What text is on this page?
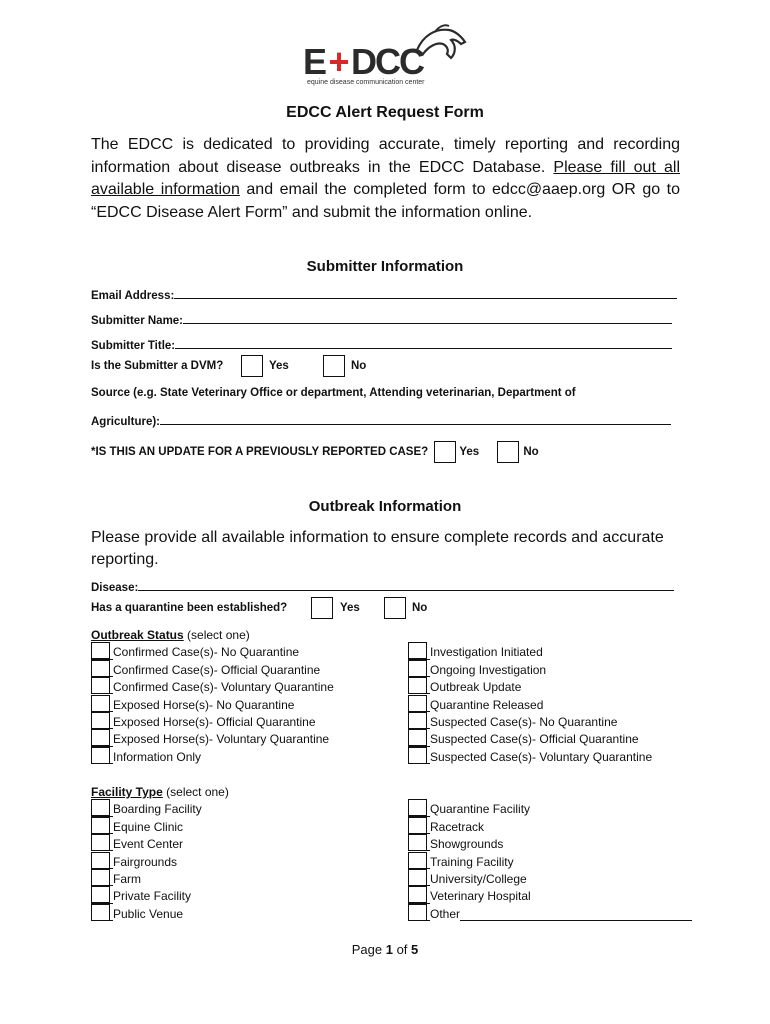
E+DCC
equine disease communication center
EDCC Alert Request Form
The EDCC is dedicated to providing accurate, timely reporting and recording information about disease outbreaks in the EDCC Database. Please fill out all available information and email the completed form to edcc@aaep.org OR go to “EDCC Disease Alert Form” and submit the information online.
Submitter Information
Email Address:
Submitter Name:
Submitter Title:
Is the Submitter a DVM?	Yes	No
Source (e.g. State Veterinary Office or department, Attending veterinarian, Department of
Agriculture):
*IS THIS AN UPDATE FOR A PREVIOUSLY REPORTED CASE?	Yes	No
Outbreak Information
Please provide all available information to ensure complete records and accurate reporting.
Disease:
Has a quarantine been established?	Yes	No
Outbreak Status (select one)
Confirmed Case(s)- No Quarantine
Confirmed Case(s)- Official Quarantine
Confirmed Case(s)- Voluntary Quarantine
Exposed Horse(s)- No Quarantine
Exposed Horse(s)- Official Quarantine
Exposed Horse(s)- Voluntary Quarantine
Information Only
Investigation Initiated
Ongoing Investigation
Outbreak Update
Quarantine Released
Suspected Case(s)- No Quarantine
Suspected Case(s)- Official Quarantine
Suspected Case(s)- Voluntary Quarantine
Facility Type (select one)
Boarding Facility
Equine Clinic
Event Center
Fairgrounds
Farm
Private Facility
Public Venue
Quarantine Facility
Racetrack
Showgrounds
Training Facility
University/College
Veterinary Hospital
Other
Page 1 of 5
